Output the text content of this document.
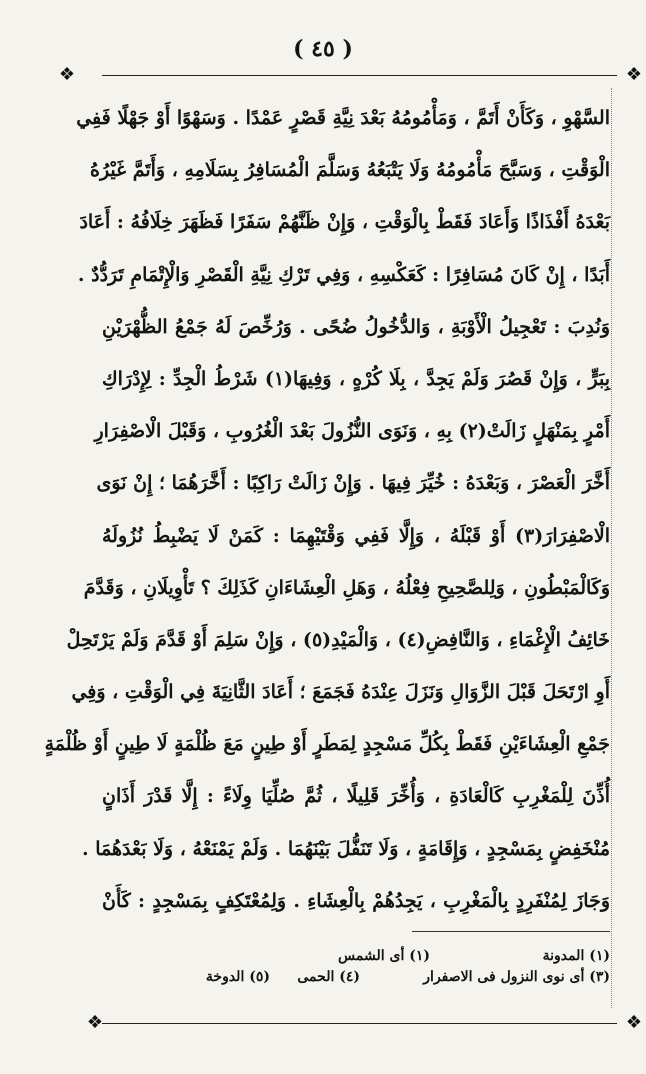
( ٤٥ )
❖	❖
❖	❖
السَّهْوِ ، وَكَأَنْ أَتَمَّ ، وَمَأْمُومُهُ بَعْدَ نِيَّةِ قَصْرٍ عَمْدًا . وَسَهْوًا أَوْ جَهْلًا فَفِي
الْوَقْتِ ، وَسَبَّحَ مَأْمُومُهُ وَلَا يَتْبَعُهُ وَسَلَّمَ الْمُسَافِرُ بِسَلَامِهِ ، وَأَتَمَّ غَيْرُهُ
بَعْدَهُ أَفْذَاذًا وَأَعَادَ فَقَطْ بِالْوَقْتِ ، وَإِنْ ظَنَّهُمْ سَفَرًا فَظَهَرَ خِلَافُهُ : أَعَادَ
أَبَدًا ، إِنْ كَانَ مُسَافِرًا : كَعَكْسِهِ ، وَفِي تَرْكِ نِيَّةِ الْقَصْرِ وَالْإِتْمَامِ تَرَدُّدٌ .
وَنُدِبَ : تَعْجِيلُ الْأَوْبَةِ ، وَالدُّخُولُ ضُحًى . وَرُخِّصَ لَهُ جَمْعُ الظُّهْرَيْنِ
بِبَرٍّ ، وَإِنْ قَصُرَ وَلَمْ يَجِدَّ ، بِلَا كُرْهٍ ، وَفِيهَا(١) شَرْطُ الْجِدِّ : لِإِدْرَاكِ
أَمْرٍ بِمَنْهَلٍ زَالَتْ(٢) بِهِ ، وَنَوَى النُّزُولَ بَعْدَ الْغُرُوبِ ، وَقَبْلَ الْاصْفِرَارِ
أَخَّرَ الْعَصْرَ ، وَبَعْدَهُ : خُيِّرَ فِيهَا . وَإِنْ زَالَتْ رَاكِبًا : أَخَّرَهُمَا ؛ إِنْ نَوَى
الْاصْفِرَارَ(٣) أَوْ قَبْلَهُ ، وَإِلَّا فَفِي وَقْتَيْهِمَا : كَمَنْ لَا يَضْبِطُ نُزُولَهُ
وَكَالْمَبْطُونِ ، وَلِلصَّحِيحِ فِعْلُهُ ، وَهَلِ الْعِشَاءَانِ كَذَلِكَ ؟ تَأْوِيلَانِ ، وَقَدَّمَ
خَائِفُ الْإِغْمَاءِ ، وَالنَّافِضِ(٤) ، وَالْمَيْدِ(٥) ، وَإِنْ سَلِمَ أَوْ قَدَّمَ وَلَمْ يَرْتَحِلْ
أَوِ ارْتَحَلَ قَبْلَ الزَّوَالِ وَنَزَلَ عِنْدَهُ فَجَمَعَ ؛ أَعَادَ الثَّانِيَةَ فِي الْوَقْتِ ، وَفِي
جَمْعِ الْعِشَاءَيْنِ فَقَطْ بِكُلِّ مَسْجِدٍ لِمَطَرٍ أَوْ طِينٍ مَعَ ظُلْمَةٍ لَا طِينٍ أَوْ ظُلْمَةٍ
أُذِّنَ لِلْمَغْرِبِ كَالْعَادَةِ ، وَأُخِّرَ قَلِيلًا ، ثُمَّ صُلِّيَا وِلَاءً : إِلَّا قَدْرَ أَذَانٍ
مُنْخَفِضٍ بِمَسْجِدٍ ، وَإِقَامَةٍ ، وَلَا تَنَفُّلَ بَيْنَهُمَا . وَلَمْ يَمْنَعْهُ ، وَلَا بَعْدَهُمَا .
وَجَازَ لِمُنْفَرِدٍ بِالْمَغْرِبِ ، يَجِدُهُمْ بِالْعِشَاءِ . وَلِمُعْتَكِفٍ بِمَسْجِدٍ : كَأَنْ
(١) المدونة
(١) أى الشمس
(٣) أى نوى النزول فى الاصفرار
(٤) الحمى
(٥) الدوخة
